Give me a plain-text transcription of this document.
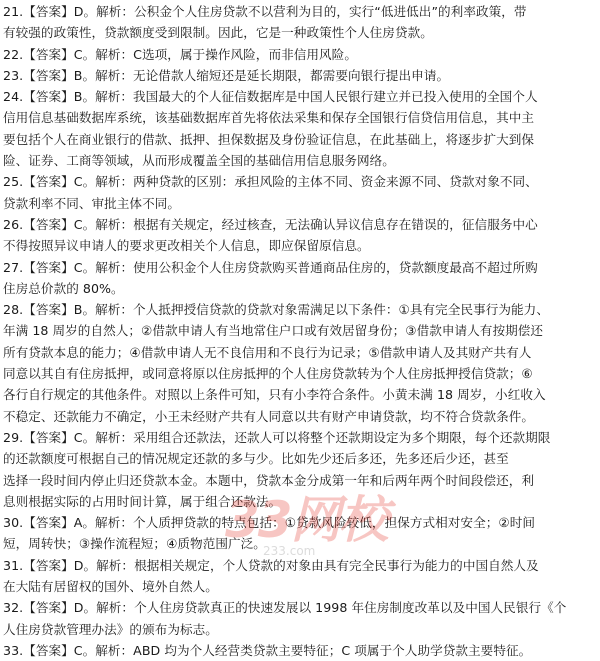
21.【答案】D。解析：公积金个人住房贷款不以营利为目的，实行“低进低出”的利率政策，带
有较强的政策性，贷款额度受到限制。因此，它是一种政策性个人住房贷款。
22.【答案】C。解析：C选项，属于操作风险，而非信用风险。
23.【答案】B。解析：无论借款人缩短还是延长期限，都需要向银行提出申请。
24.【答案】B。解析：我国最大的个人征信数据库是中国人民银行建立并已投入使用的全国个人
信用信息基础数据库系统，该基础数据库首先将依法采集和保存全国银行信贷信用信息，其中主
要包括个人在商业银行的借款、抵押、担保数据及身份验证信息，在此基础上，将逐步扩大到保
险、证券、工商等领域，从而形成覆盖全国的基础信用信息服务网络。
25.【答案】C。解析：两种贷款的区别：承担风险的主体不同、资金来源不同、贷款对象不同、
贷款利率不同、审批主体不同。
26.【答案】C。解析：根据有关规定，经过核查，无法确认异议信息存在错误的，征信服务中心
不得按照异议申请人的要求更改相关个人信息，即应保留原信息。
27.【答案】C。解析：使用公积金个人住房贷款购买普通商品住房的，贷款额度最高不超过所购
住房总价款的 80%。
28.【答案】B。解析：个人抵押授信贷款的贷款对象需满足以下条件：①具有完全民事行为能力、
年满 18 周岁的自然人；②借款申请人有当地常住户口或有效居留身份；③借款申请人有按期偿还
所有贷款本息的能力；④借款申请人无不良信用和不良行为记录；⑤借款申请人及其财产共有人
同意以其自有住房抵押，或同意将原以住房抵押的个人住房贷款转为个人住房抵押授信贷款；⑥
各行自行规定的其他条件。对照以上条件可知，只有小李符合条件。小黄未满 18 周岁，小红收入
不稳定、还款能力不确定，小王未经财产共有人同意以共有财产申请贷款，均不符合贷款条件。
29.【答案】C。解析：采用组合还款法，还款人可以将整个还款期设定为多个期限，每个还款期限
的还款额度可根据自己的情况规定还款的多与少。比如先少还后多还，先多还后少还，甚至
选择一段时间内停止归还贷款本金。本题中，贷款本金分成第一年和后两年两个时间段偿还，利
息则根据实际的占用时间计算，属于组合还款法。
30.【答案】A。解析：个人质押贷款的特点包括：①贷款风险较低，担保方式相对安全；②时间
短，周转快；③操作流程短；④质物范围广泛。
31.【答案】D。解析：根据相关规定，个人贷款的对象由具有完全民事行为能力的中国自然人及
在大陆有居留权的国外、境外自然人。
32.【答案】D。解析：个人住房贷款真正的快速发展以 1998 年住房制度改革以及中国人民银行《个
人住房贷款管理办法》的颁布为标志。
33.【答案】C。解析：ABD 均为个人经营类贷款主要特征；C 项属于个人助学贷款主要特征。
33网校
233.com
